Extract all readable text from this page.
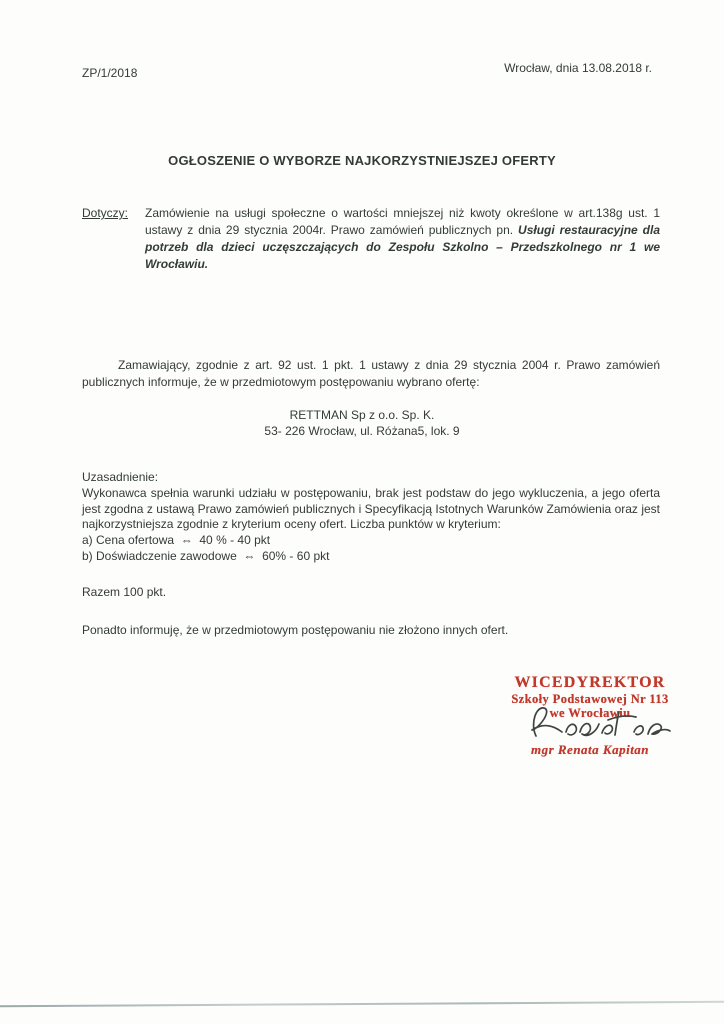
ZP/1/2018	Wrocław, dnia 13.08.2018 r.
OGŁOSZENIE O WYBORZE NAJKORZYSTNIEJSZEJ OFERTY
Dotyczy:	Zamówienie na usługi społeczne o wartości mniejszej niż kwoty określone w art.138g ust. 1 ustawy z dnia 29 stycznia 2004r. Prawo zamówień publicznych pn. Usługi restauracyjne dla potrzeb dla dzieci uczęszczających do Zespołu Szkolno – Przedszkolnego nr 1 we Wrocławiu.
Zamawiający, zgodnie z art. 92 ust. 1 pkt. 1 ustawy z dnia 29 stycznia 2004 r. Prawo zamówień publicznych informuje, że w przedmiotowym postępowaniu wybrano ofertę:
RETTMAN Sp z o.o. Sp. K.
53- 226 Wrocław, ul. Różana5, lok. 9
Uzasadnienie:
Wykonawca spełnia warunki udziału w postępowaniu, brak jest podstaw do jego wykluczenia, a jego oferta jest zgodna z ustawą Prawo zamówień publicznych i Specyfikacją Istotnych Warunków Zamówienia oraz jest najkorzystniejsza zgodnie z kryterium oceny ofert. Liczba punktów w kryterium:
a) Cena ofertowa  ⇔  40 % - 40 pkt
b) Doświadczenie zawodowe  ⇔  60% - 60 pkt
Razem 100 pkt.
Ponadto informuję, że w przedmiotowym postępowaniu nie złożono innych ofert.
WICEDYREKTOR
Szkoły Podstawowej Nr 113
we Wrocławiu
mgr Renata Kapitan
